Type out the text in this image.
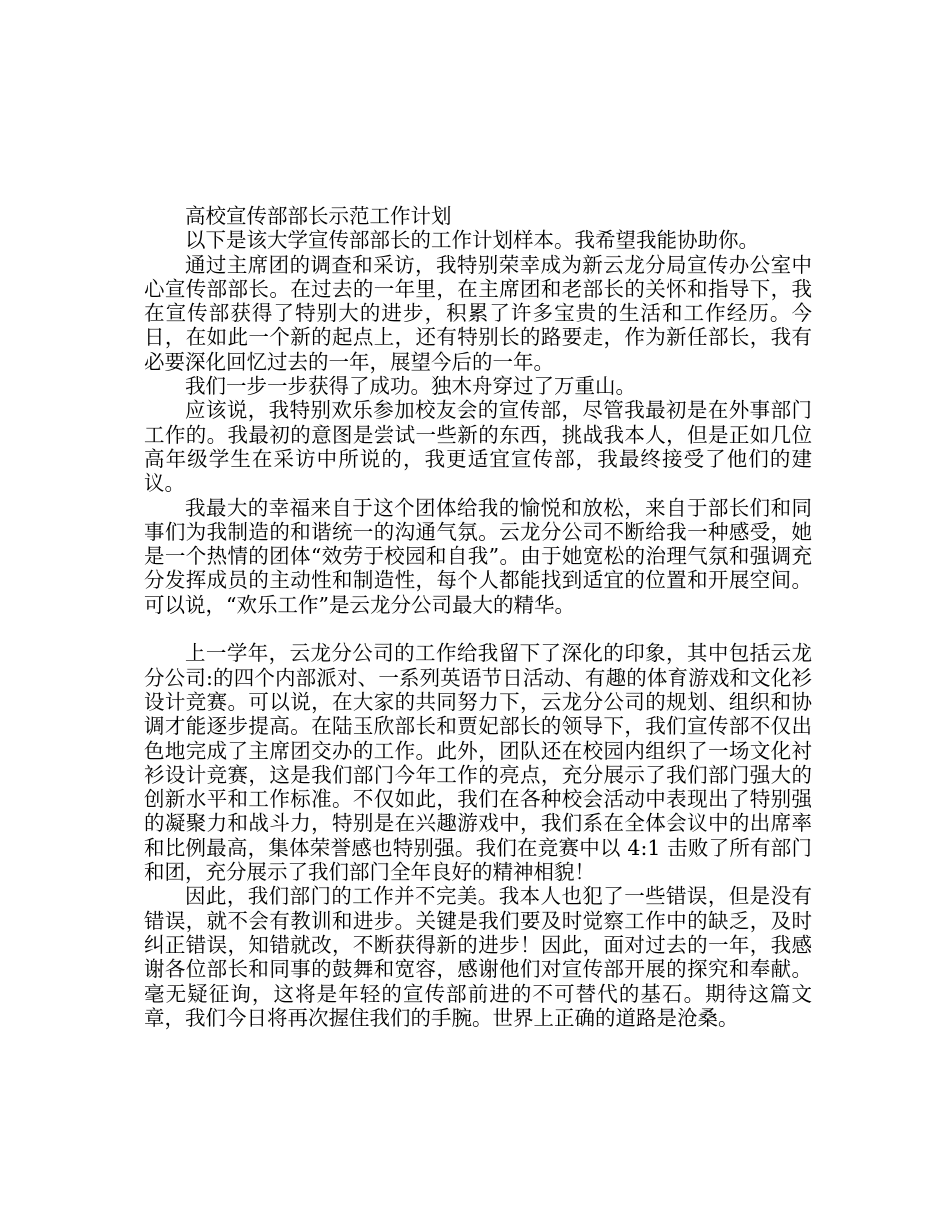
高校宣传部部长示范工作计划

以下是该大学宣传部部长的工作计划样本。我希望我能协助你。

通过主席团的调查和采访，我特别荣幸成为新云龙分局宣传办公室中心宣传部部长。在过去的一年里，在主席团和老部长的关怀和指导下，我在宣传部获得了特别大的进步，积累了许多宝贵的生活和工作经历。今日，在如此一个新的起点上，还有特别长的路要走，作为新任部长，我有必要深化回忆过去的一年，展望今后的一年。

我们一步一步获得了成功。独木舟穿过了万重山。

应该说，我特别欢乐参加校友会的宣传部，尽管我最初是在外事部门工作的。我最初的意图是尝试一些新的东西，挑战我本人，但是正如几位高年级学生在采访中所说的，我更适宜宣传部，我最终接受了他们的建议。

我最大的幸福来自于这个团体给我的愉悦和放松，来自于部长们和同事们为我制造的和谐统一的沟通气氛。云龙分公司不断给我一种感受，她是一个热情的团体“效劳于校园和自我”。由于她宽松的治理气氛和强调充分发挥成员的主动性和制造性，每个人都能找到适宜的位置和开展空间。可以说，“欢乐工作”是云龙分公司最大的精华。

上一学年，云龙分公司的工作给我留下了深化的印象，其中包括云龙分公司:的四个内部派对、一系列英语节日活动、有趣的体育游戏和文化衫设计竞赛。可以说，在大家的共同努力下，云龙分公司的规划、组织和协调才能逐步提高。在陆玉欣部长和贾妃部长的领导下，我们宣传部不仅出色地完成了主席团交办的工作。此外，团队还在校园内组织了一场文化衬衫设计竞赛，这是我们部门今年工作的亮点，充分展示了我们部门强大的创新水平和工作标准。不仅如此，我们在各种校会活动中表现出了特别强的凝聚力和战斗力，特别是在兴趣游戏中，我们系在全体会议中的出席率和比例最高，集体荣誉感也特别强。我们在竞赛中以 4:1 击败了所有部门和团，充分展示了我们部门全年良好的精神相貌！

因此，我们部门的工作并不完美。我本人也犯了一些错误，但是没有错误，就不会有教训和进步。关键是我们要及时觉察工作中的缺乏，及时纠正错误，知错就改，不断获得新的进步！因此，面对过去的一年，我感谢各位部长和同事的鼓舞和宽容，感谢他们对宣传部开展的探究和奉献。毫无疑征询，这将是年轻的宣传部前进的不可替代的基石。期待这篇文章，我们今日将再次握住我们的手腕。世界上正确的道路是沧桑。
